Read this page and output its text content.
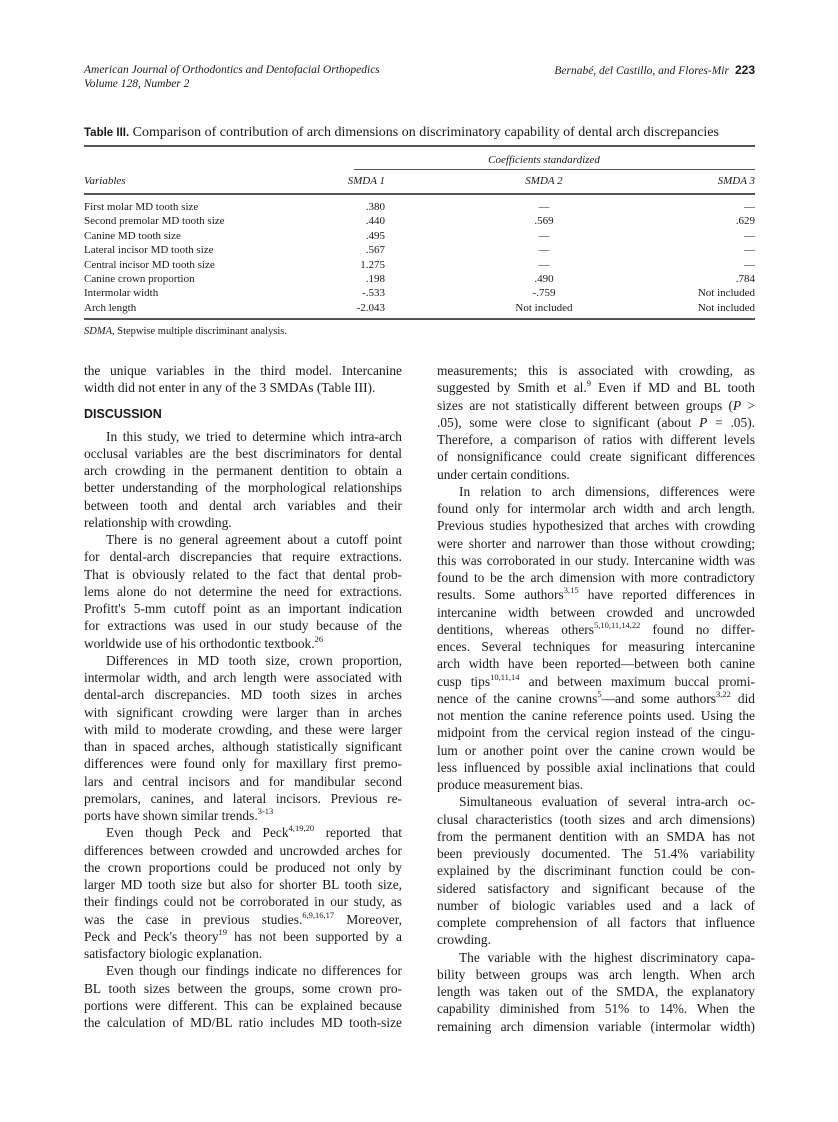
American Journal of Orthodontics and Dentofacial Orthopedics
Volume 128, Number 2
Bernabé, del Castillo, and Flores-Mir 223
Table III. Comparison of contribution of arch dimensions on discriminatory capability of dental arch discrepancies
Coefficients standardized
Variables	SMDA 1	SMDA 2	SMDA 3
First molar MD tooth size	.380	—	—
Second premolar MD tooth size	.440	.569	.629
Canine MD tooth size	.495	—	—
Lateral incisor MD tooth size	.567	—	—
Central incisor MD tooth size	1.275	—	—
Canine crown proportion	.198	.490	.784
Intermolar width	-.533	-.759	Not included
Arch length	-2.043	Not included	Not included
SDMA, Stepwise multiple discriminant analysis.
the unique variables in the third model. Intercanine
width did not enter in any of the 3 SMDAs (Table III).
DISCUSSION
In this study, we tried to determine which intra-arch
occlusal variables are the best discriminators for dental
arch crowding in the permanent dentition to obtain a
better understanding of the morphological relationships
between tooth and dental arch variables and their
relationship with crowding.
There is no general agreement about a cutoff point
for dental-arch discrepancies that require extractions.
That is obviously related to the fact that dental prob-
lems alone do not determine the need for extractions.
Profitt's 5-mm cutoff point as an important indication
for extractions was used in our study because of the
worldwide use of his orthodontic textbook.$^{26}$
Differences in MD tooth size, crown proportion,
intermolar width, and arch length were associated with
dental-arch discrepancies. MD tooth sizes in arches
with significant crowding were larger than in arches
with mild to moderate crowding, and these were larger
than in spaced arches, although statistically significant
differences were found only for maxillary first premo-
lars and central incisors and for mandibular second
premolars, canines, and lateral incisors. Previous re-
ports have shown similar trends.$^{3-13}$
Even though Peck and Peck$^{4,19,20}$ reported that
differences between crowded and uncrowded arches for
the crown proportions could be produced not only by
larger MD tooth size but also for shorter BL tooth size,
their findings could not be corroborated in our study, as
was the case in previous studies.$^{6,9,16,17}$ Moreover,
Peck and Peck's theory$^{19}$ has not been supported by a
satisfactory biologic explanation.
Even though our findings indicate no differences for
BL tooth sizes between the groups, some crown pro-
portions were different. This can be explained because
the calculation of MD/BL ratio includes MD tooth-size
measurements; this is associated with crowding, as
suggested by Smith et al.$^9$ Even if MD and BL tooth
sizes are not statistically different between groups (P >
.05), some were close to significant (about P = .05).
Therefore, a comparison of ratios with different levels
of nonsignificance could create significant differences
under certain conditions.
In relation to arch dimensions, differences were
found only for intermolar arch width and arch length.
Previous studies hypothesized that arches with crowding
were shorter and narrower than those without crowding;
this was corroborated in our study. Intercanine width was
found to be the arch dimension with more contradictory
results. Some authors$^{3,15}$ have reported differences in
intercanine width between crowded and uncrowded
dentitions, whereas others$^{5,10,11,14,22}$ found no differ-
ences. Several techniques for measuring intercanine
arch width have been reported—between both canine
cusp tips$^{10,11,14}$ and between maximum buccal promi-
nence of the canine crowns$^5$—and some authors$^{3,22}$ did
not mention the canine reference points used. Using the
midpoint from the cervical region instead of the cingu-
lum or another point over the canine crown would be
less influenced by possible axial inclinations that could
produce measurement bias.
Simultaneous evaluation of several intra-arch oc-
clusal characteristics (tooth sizes and arch dimensions)
from the permanent dentition with an SMDA has not
been previously documented. The 51.4% variability
explained by the discriminant function could be con-
sidered satisfactory and significant because of the
number of biologic variables used and a lack of
complete comprehension of all factors that influence
crowding.
The variable with the highest discriminatory capa-
bility between groups was arch length. When arch
length was taken out of the SMDA, the explanatory
capability diminished from 51% to 14%. When the
remaining arch dimension variable (intermolar width)
